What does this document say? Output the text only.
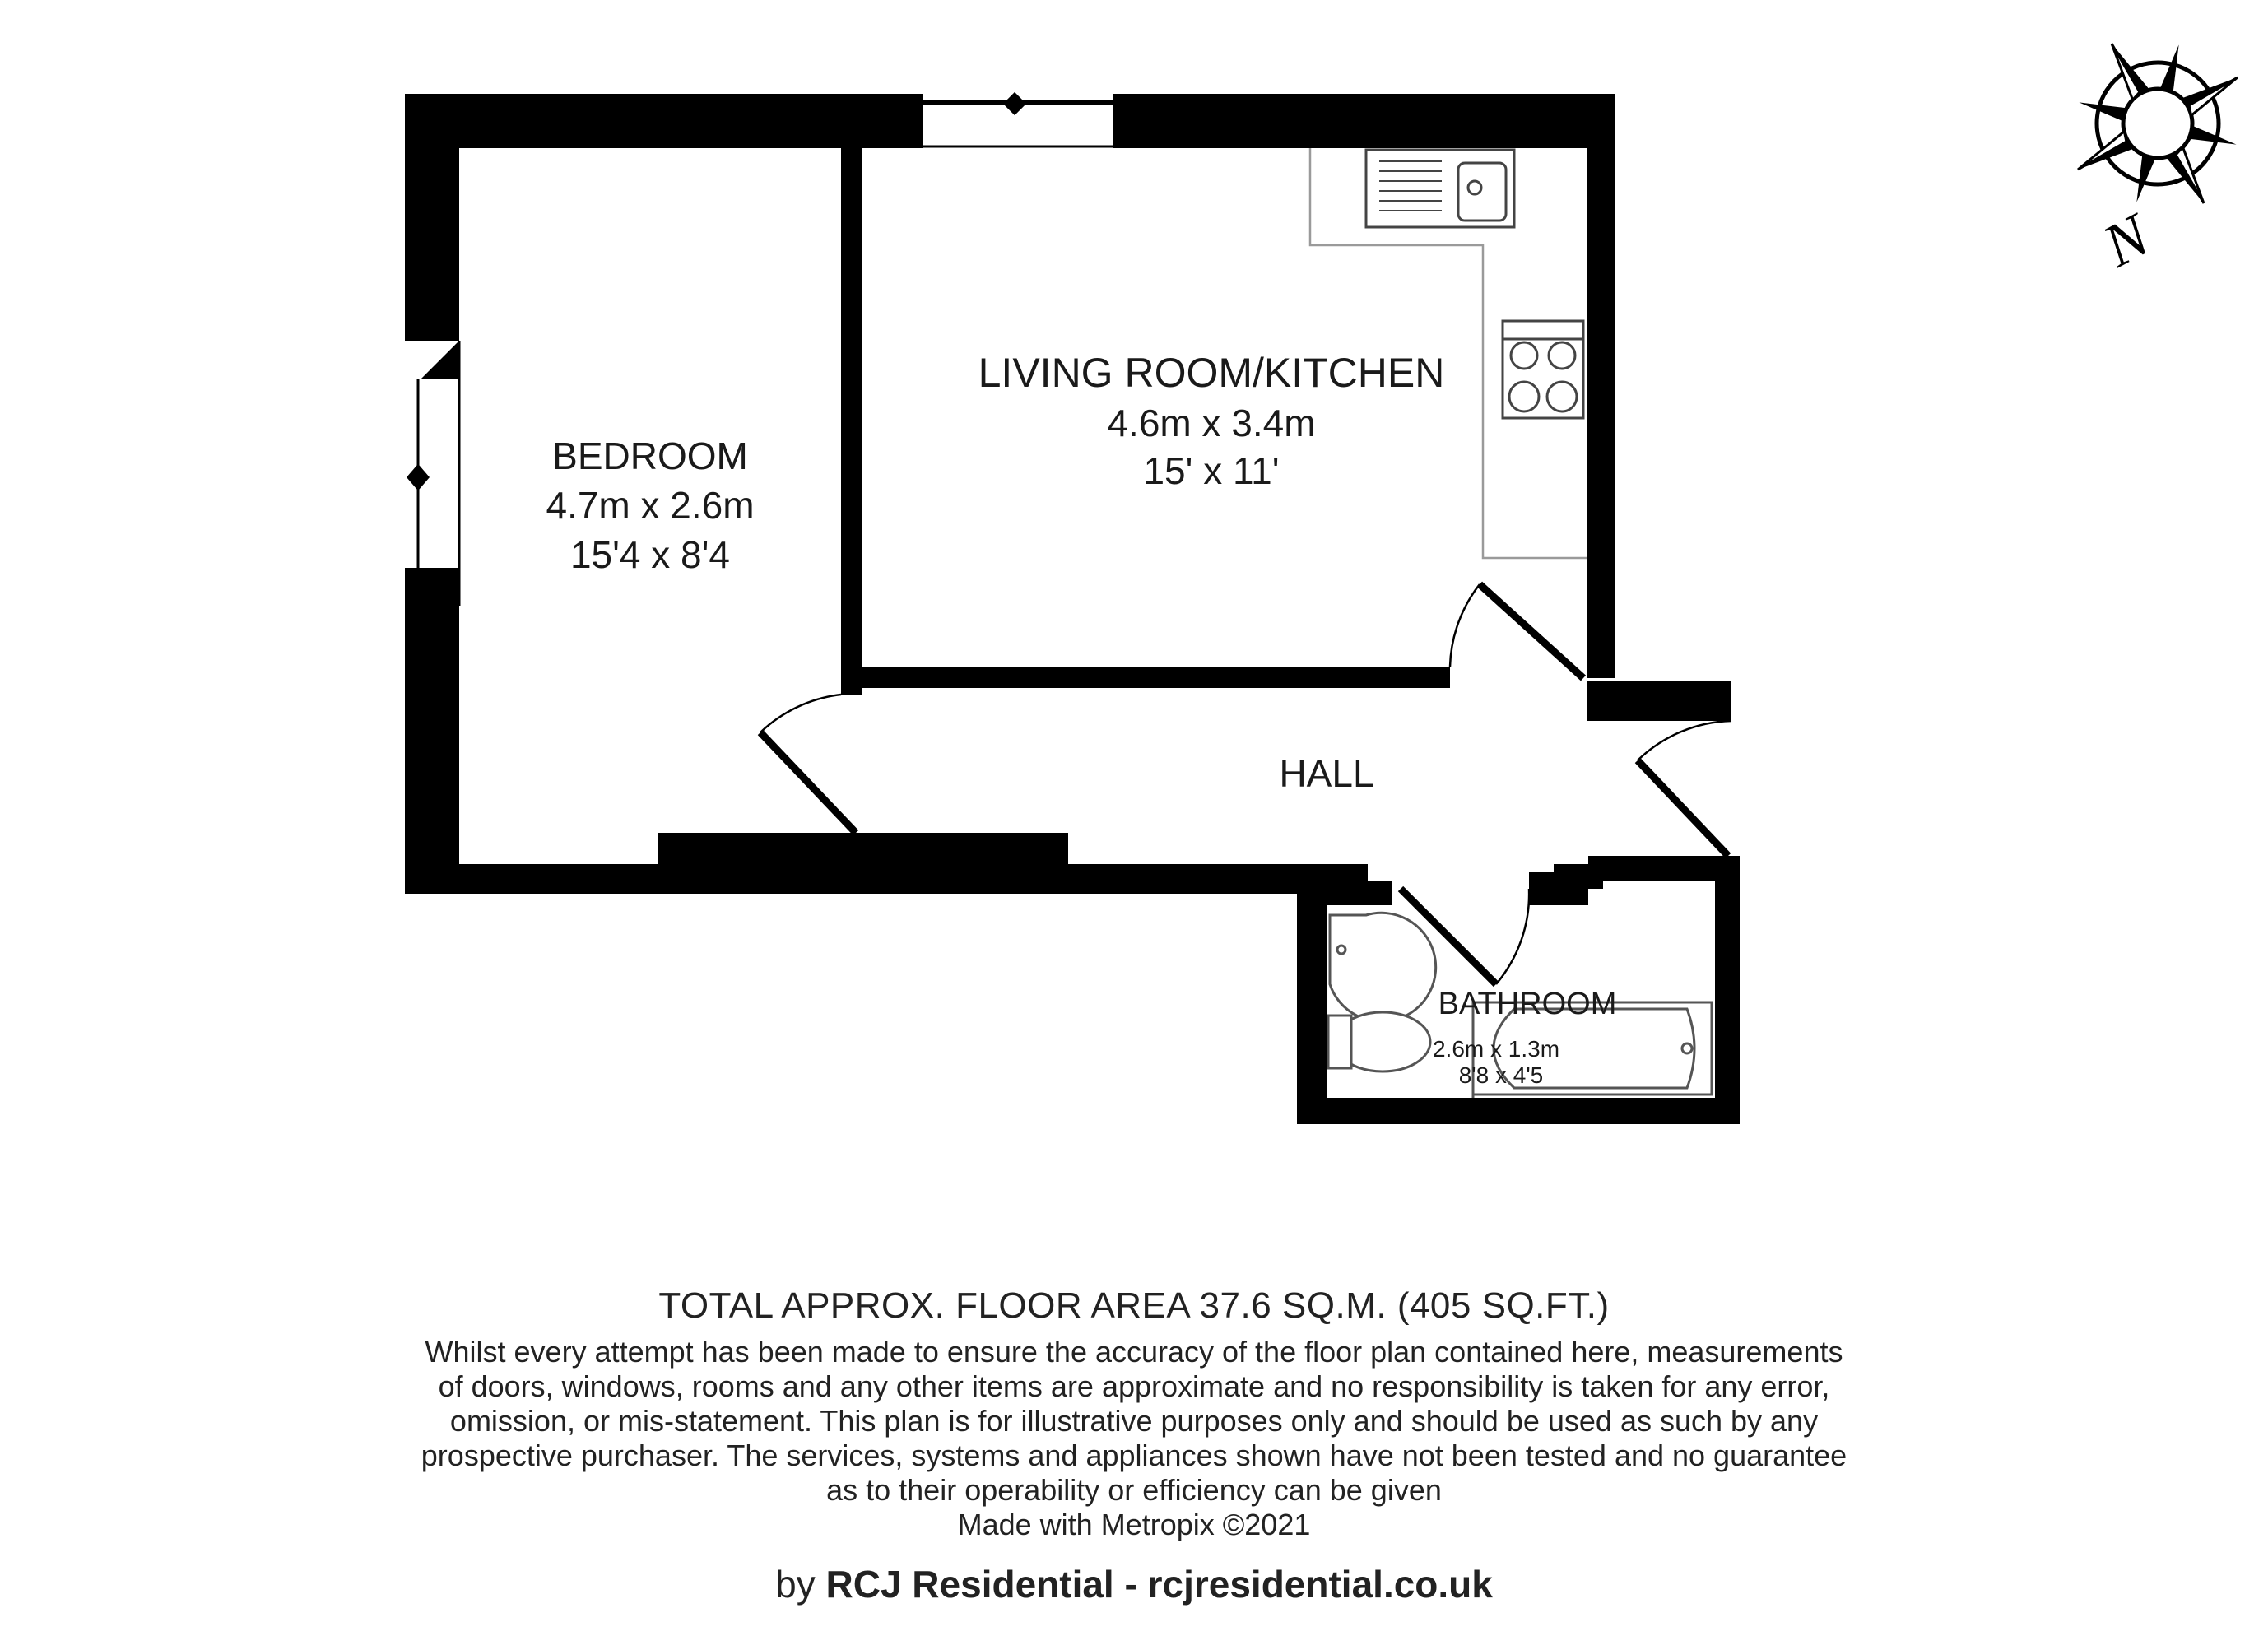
BEDROOM
4.7m x 2.6m
15'4 x 8'4
LIVING ROOM/KITCHEN
4.6m x 3.4m
15' x 11'
HALL
BATHROOM
2.6m x 1.3m
8'8 x 4'5
N
TOTAL APPROX. FLOOR AREA 37.6 SQ.M. (405 SQ.FT.)
Whilst every attempt has been made to ensure the accuracy of the floor plan contained here, measurements
of doors, windows, rooms and any other items are approximate and no responsibility is taken for any error,
omission, or mis-statement. This plan is for illustrative purposes only and should be used as such by any
prospective purchaser. The services, systems and appliances shown have not been tested and no guarantee
as to their operability or efficiency can be given
Made with Metropix ©2021
by RCJ Residential - rcjresidential.co.uk
